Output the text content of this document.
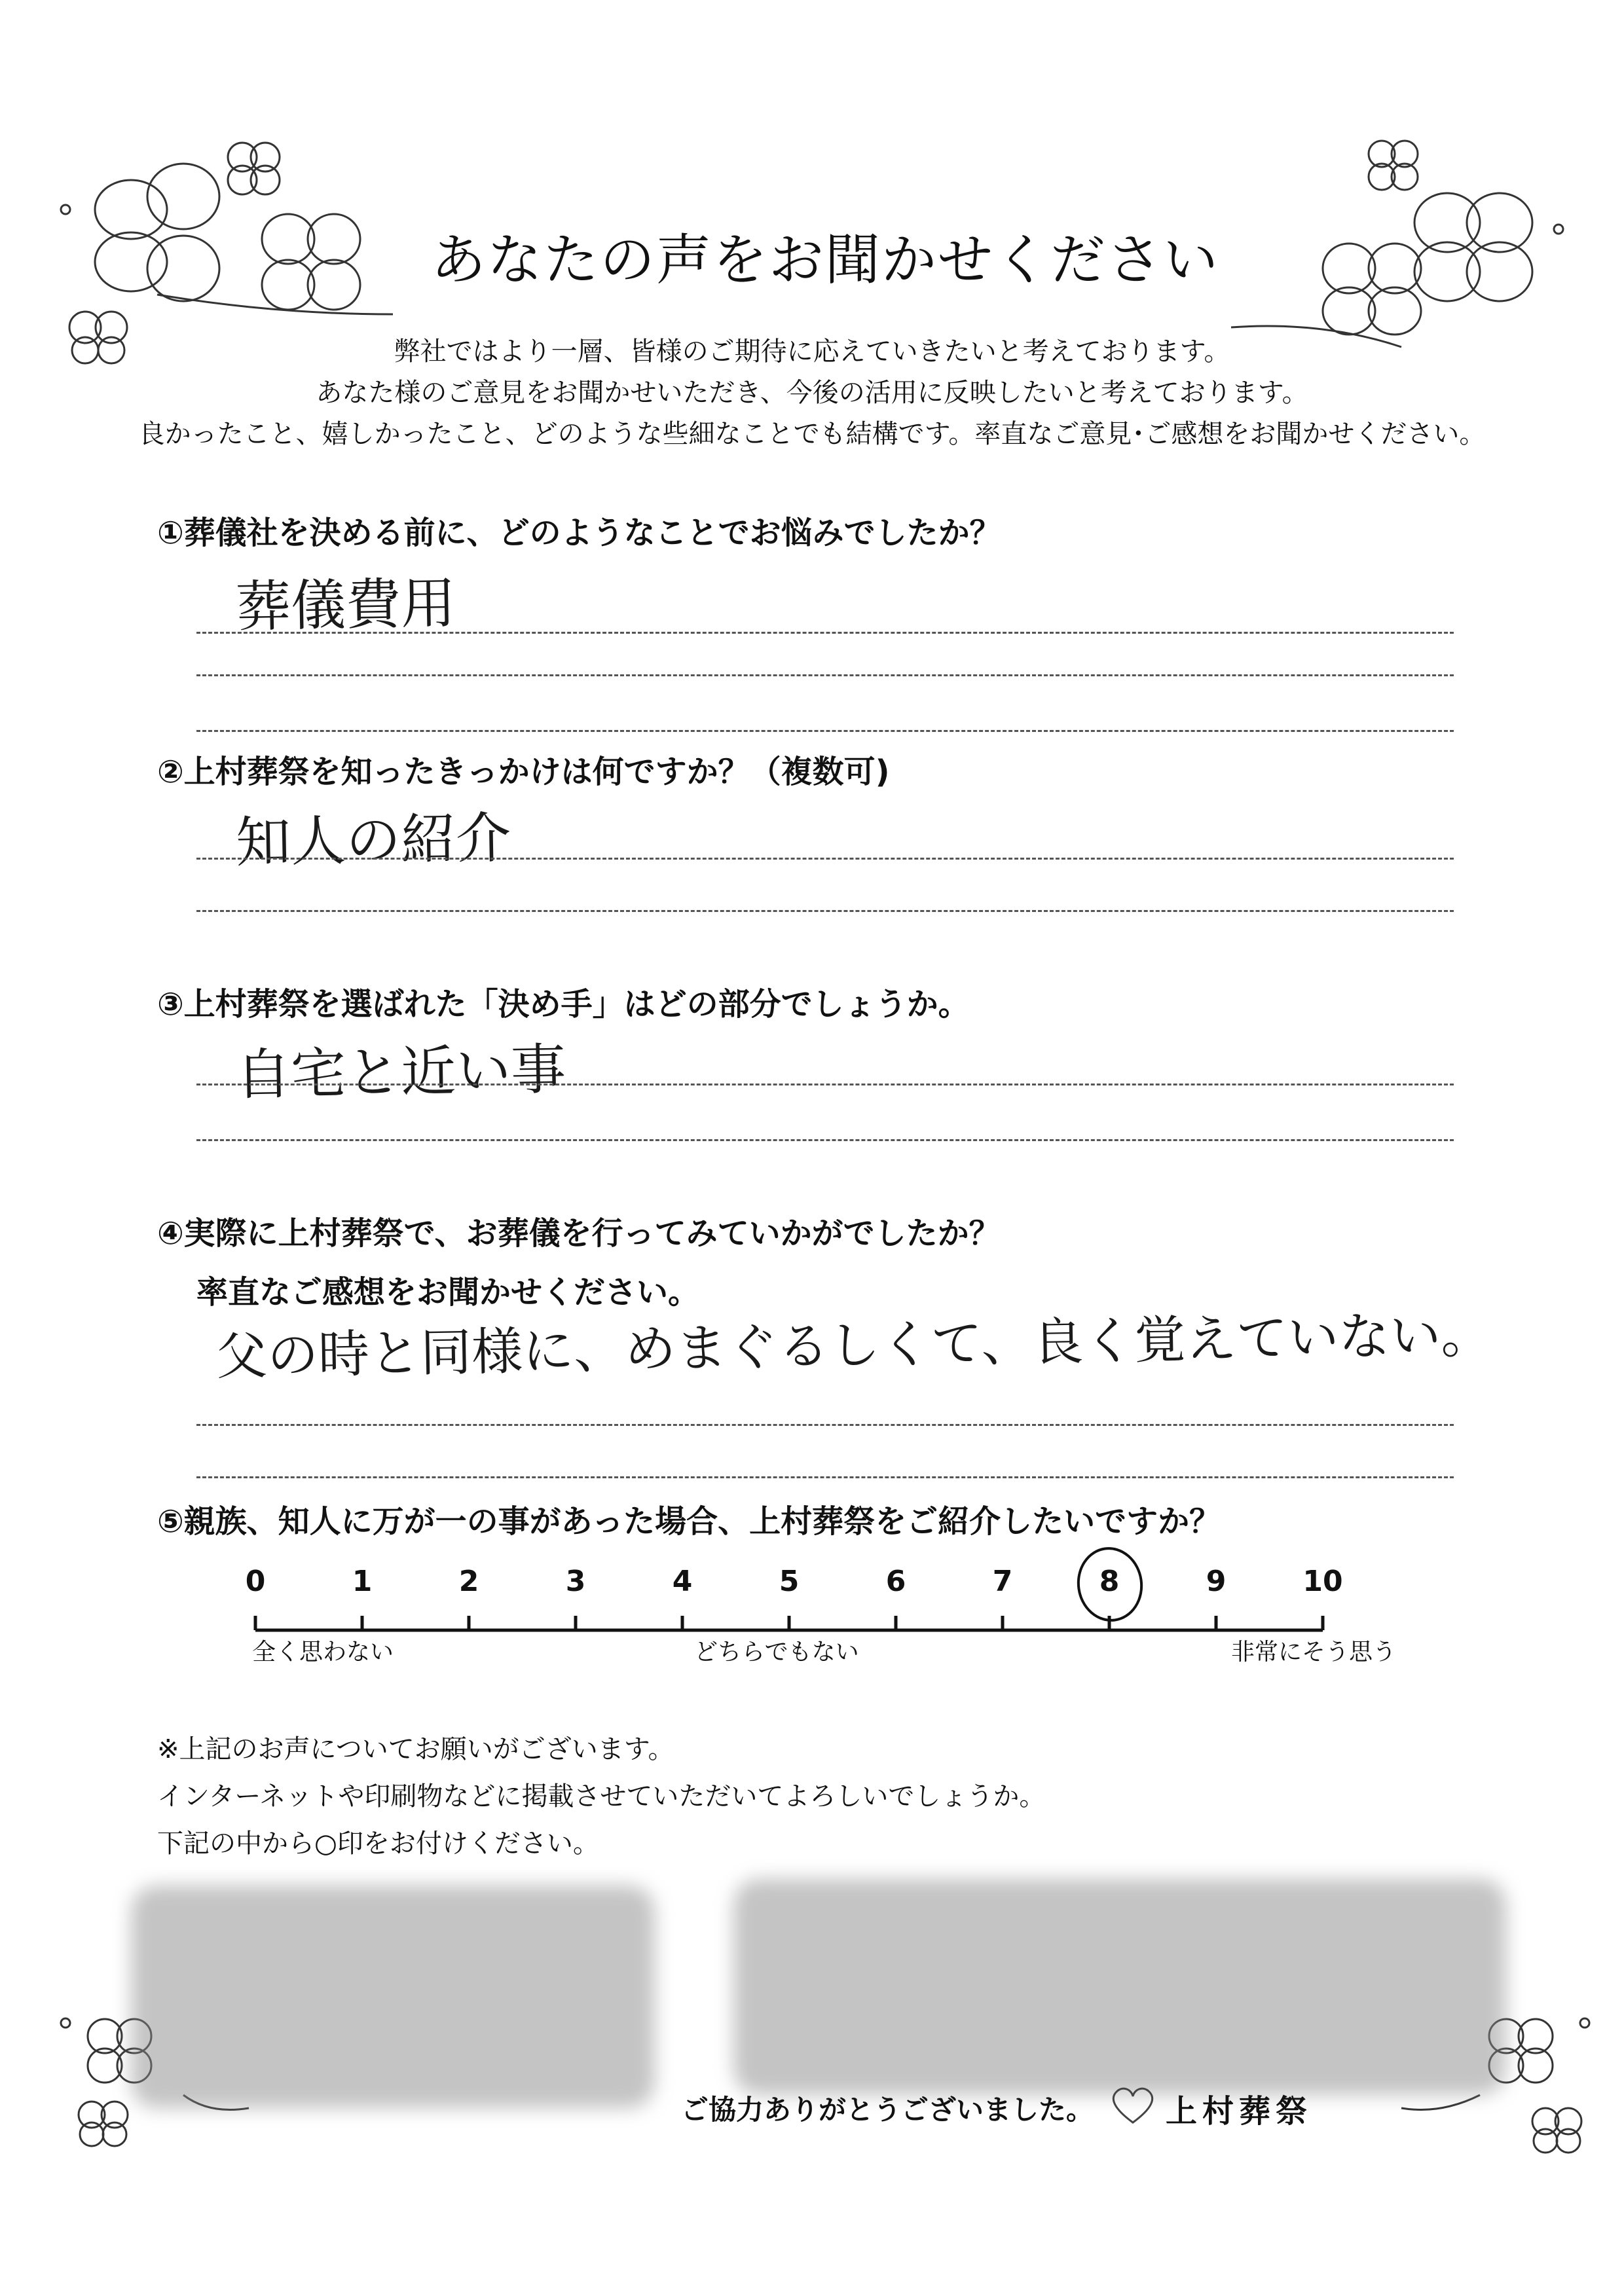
あなたの声をお聞かせください
弊社ではより一層、皆様のご期待に応えていきたいと考えております。
あなた様のご意見をお聞かせいただき、今後の活用に反映したいと考えております。
良かったこと、嬉しかったこと、どのような些細なことでも結構です。率直なご意見･ご感想をお聞かせください。
①葬儀社を決める前に、どのようなことでお悩みでしたか？
葬儀費用
②上村葬祭を知ったきっかけは何ですか？（複数可)
知人の紹介
③上村葬祭を選ばれた「決め手」はどの部分でしょうか。
自宅と近い事
④実際に上村葬祭で、お葬儀を行ってみていかがでしたか？
率直なご感想をお聞かせください。
父の時と同様に、めまぐるしくて、良く覚えていない。
⑤親族、知人に万が一の事があった場合、上村葬祭をご紹介したいですか？
0	1	2	3	4	5	6	7	8	9	10
全く思わない	どちらでもない	非常にそう思う
※上記のお声についてお願いがございます。
インターネットや印刷物などに掲載させていただいてよろしいでしょうか。
下記の中から○印をお付けください。
ご協力ありがとうございました。 上村葬祭
